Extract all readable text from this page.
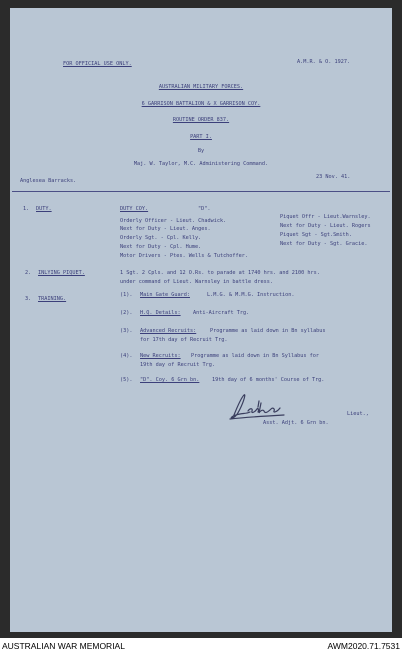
FOR OFFICIAL USE ONLY.	A.M.R. & O. 1927.
AUSTRALIAN MILITARY FORCES.
6 GARRISON BATTALION & X GARRISON COY.
ROUTINE ORDER 837.
PART I.
By
Maj. W. Taylor, M.C. Administering Command.
Anglesea Barracks.
23 Nov. 41.
1. DUTY.	DUTY COY.	"D".
Orderly Officer - Lieut. Chadwick.
Next for Duty - Lieut. Anges.
Orderly Sgt. - Cpl. Kelly.
Next for Duty - Cpl. Hume.
Motor Drivers - Ptes. Wells & Tutchoffer.
Piquet Offr - Lieut.Warnsley.
Next for Duty - Lieut. Rogers
Piquet Sgt - Sgt.Smith.
Next for Duty - Sgt. Gracie.
2. INLYING PIQUET.	1 Sgt. 2 Cpls. and 12 O.Rs. to parade at 1740 hrs. and 2100 hrs.
under command of Lieut. Warnsley in battle dress.
3. TRAINING.
(1). Main Gate Guard:	L.M.G. & M.M.G. Instruction.
(2). H.Q. Details: Anti-Aircraft Trg.
(3). Advanced Recruits:	Programme as laid down in Bn syllabus
for 17th day of Recruit Trg.
(4). New Recruits: Programme as laid down in Bn Syllabus for
19th day of Recruit Trg.
(5). "D". Coy. 6 Grn bn. 19th day of 6 months' Course of Trg.
Lieut.,
Asst. Adjt. 6 Grn bn.
AUSTRALIAN WAR MEMORIAL	AWM2020.71.7531
